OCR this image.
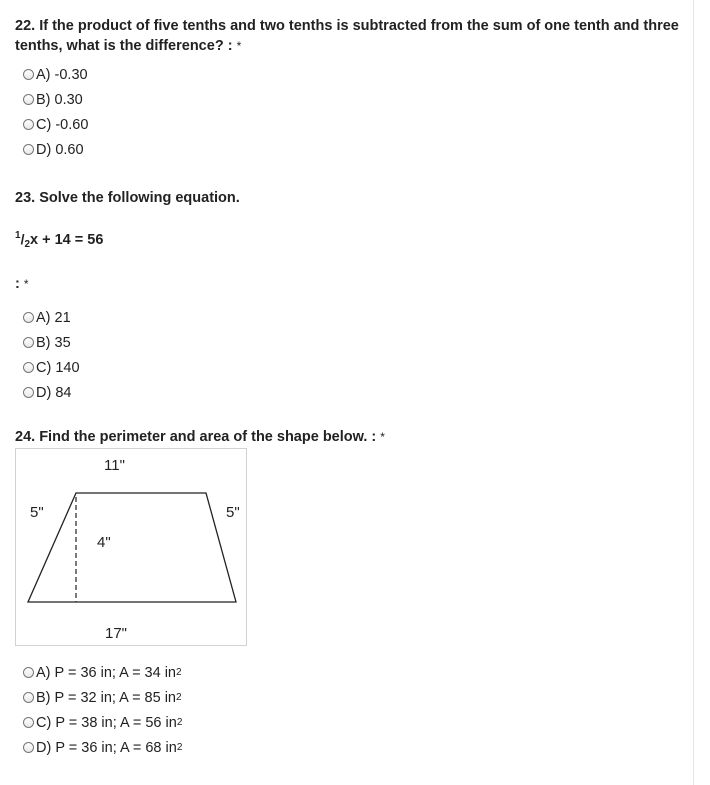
22. If the product of five tenths and two tenths is subtracted from the sum of one tenth and three tenths, what is the difference? : *
A) -0.30
B) 0.30
C) -0.60
D) 0.60
23. Solve the following equation.
$^1/_2x + 14 = 56$
: *
A) 21
B) 35
C) 140
D) 84
24. Find the perimeter and area of the shape below. : *
11"
5"	5"
4"
17"
A) P = 36 in; A = 34 in 2
B) P = 32 in; A = 85 in 2
C) P = 38 in; A = 56 in 2
D) P = 36 in; A = 68 in 2
